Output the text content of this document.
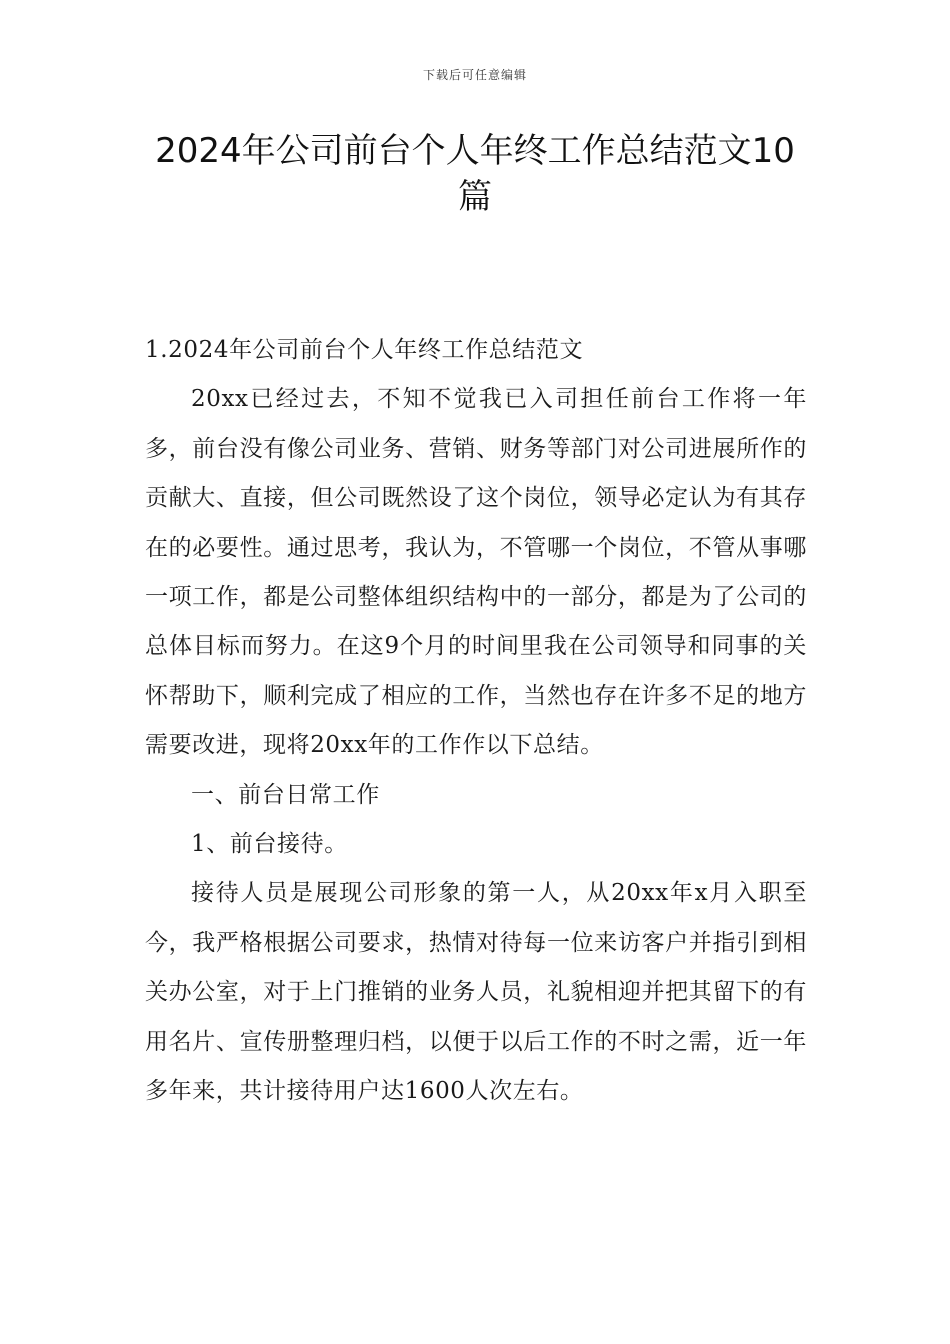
下载后可任意编辑
2024年公司前台个人年终工作总结范文10篇

1.2024年公司前台个人年终工作总结范文

20xx已经过去，不知不觉我已入司担任前台工作将一年多，前台没有像公司业务、营销、财务等部门对公司进展所作的贡献大、直接，但公司既然设了这个岗位，领导必定认为有其存在的必要性。通过思考，我认为，不管哪一个岗位，不管从事哪一项工作，都是公司整体组织结构中的一部分，都是为了公司的总体目标而努力。在这9个月的时间里我在公司领导和同事的关怀帮助下，顺利完成了相应的工作，当然也存在许多不足的地方需要改进，现将20xx年的工作作以下总结。

一、前台日常工作

1、前台接待。

接待人员是展现公司形象的第一人，从20xx年x月入职至今，我严格根据公司要求，热情对待每一位来访客户并指引到相关办公室，对于上门推销的业务人员，礼貌相迎并把其留下的有用名片、宣传册整理归档，以便于以后工作的不时之需，近一年多年来，共计接待用户达1600人次左右。
